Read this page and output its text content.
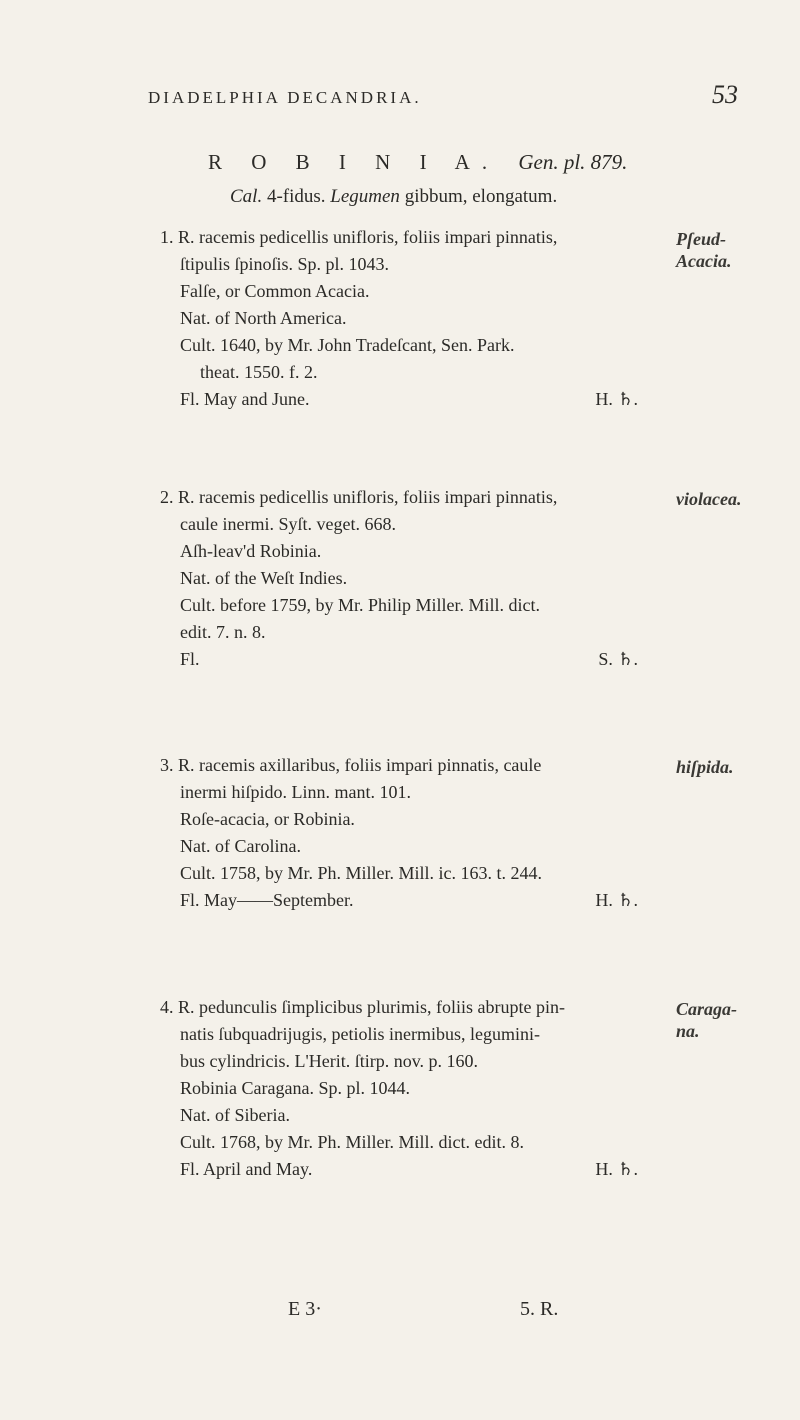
DIADELPHIA DECANDRIA.	53
R O B I N I A. Gen. pl. 879.
Cal. 4-fidus. Legumen gibbum, elongatum.
1. R. racemis pedicellis unifloris, foliis impari pinnatis,
ſtipulis ſpinoſis. Sp. pl. 1043.
Falſe, or Common Acacia.
Nat. of North America.
Cult. 1640, by Mr. John Tradeſcant, Sen. Park.
theat. 1550. f. 2.
Fl. May and June.	H. ♄.
Pſeud-
Acacia.
2. R. racemis pedicellis unifloris, foliis impari pinnatis,
caule inermi. Syſt. veget. 668.
Aſh-leav'd Robinia.
Nat. of the Weſt Indies.
Cult. before 1759, by Mr. Philip Miller. Mill. dict.
edit. 7. n. 8.
Fl.	S. ♄.
violacea.
3. R. racemis axillaribus, foliis impari pinnatis, caule
inermi hiſpido. Linn. mant. 101.
Roſe-acacia, or Robinia.
Nat. of Carolina.
Cult. 1758, by Mr. Ph. Miller. Mill. ic. 163. t. 244.
Fl. May——September.	H. ♄.
hiſpida.
4. R. pedunculis ſimplicibus plurimis, foliis abrupte pin-
natis ſubquadrijugis, petiolis inermibus, legumini-
bus cylindricis. L'Herit. ſtirp. nov. p. 160.
Robinia Caragana. Sp. pl. 1044.
Nat. of Siberia.
Cult. 1768, by Mr. Ph. Miller. Mill. dict. edit. 8.
Fl. April and May.	H. ♄.
Caraga-
na.
E 3·	5. R.
